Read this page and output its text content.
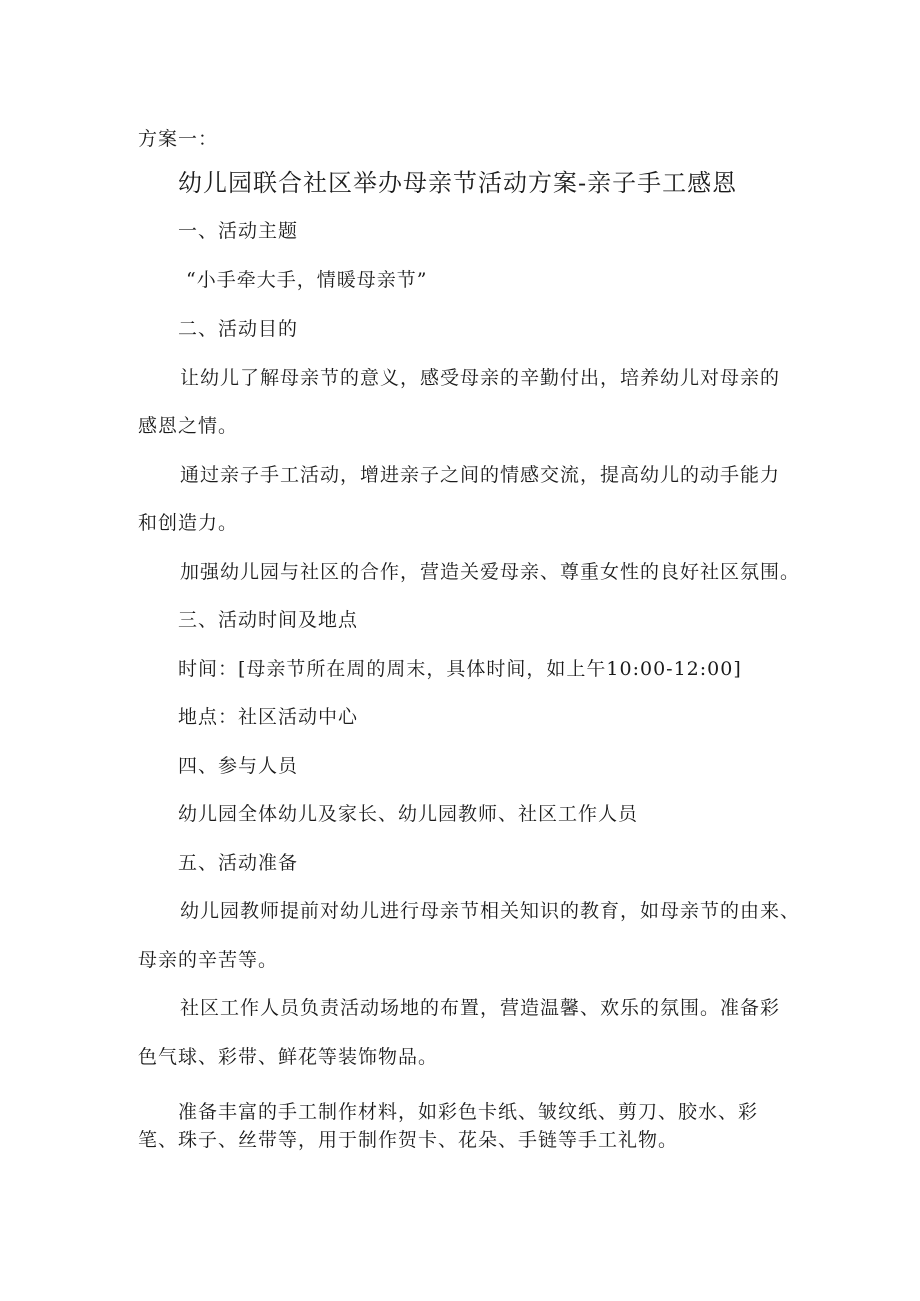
方案一：
幼儿园联合社区举办母亲节活动方案-亲子手工感恩
一、活动主题
“小手牵大手，情暖母亲节”
二、活动目的
让幼儿了解母亲节的意义，感受母亲的辛勤付出，培养幼儿对母亲的
感恩之情。
通过亲子手工活动，增进亲子之间的情感交流，提高幼儿的动手能力
和创造力。
加强幼儿园与社区的合作，营造关爱母亲、尊重女性的良好社区氛围。
三、活动时间及地点
时间：[母亲节所在周的周末，具体时间，如上午10:00-12:00]
地点：社区活动中心
四、参与人员
幼儿园全体幼儿及家长、幼儿园教师、社区工作人员
五、活动准备
幼儿园教师提前对幼儿进行母亲节相关知识的教育，如母亲节的由来、
母亲的辛苦等。
社区工作人员负责活动场地的布置，营造温馨、欢乐的氛围。准备彩
色气球、彩带、鲜花等装饰物品。
准备丰富的手工制作材料，如彩色卡纸、皱纹纸、剪刀、胶水、彩
笔、珠子、丝带等，用于制作贺卡、花朵、手链等手工礼物。
